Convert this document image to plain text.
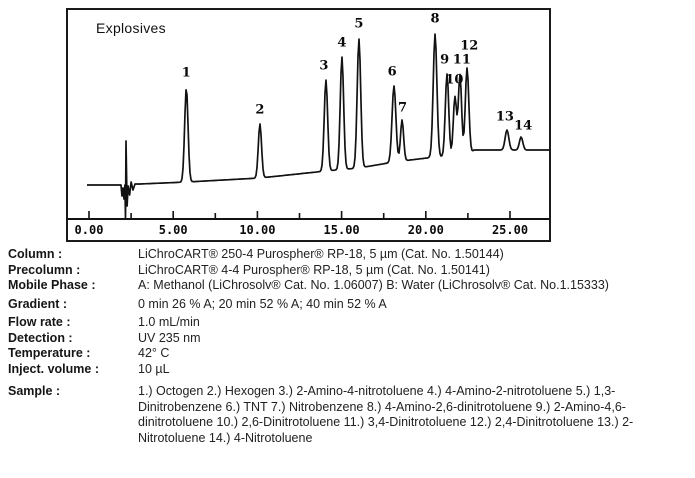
Explosives
1
2
3
4
5
6
7
8
9
10
11
12
13
14
0.00	5.00	10.00	15.00	20.00	25.00
Column :	LiChroCART® 250-4 Purospher® RP-18, 5 µm (Cat. No. 1.50144)
Precolumn :	LiChroCART® 4-4 Purospher® RP-18, 5 µm (Cat. No. 1.50141)
Mobile Phase :	A: Methanol (LiChrosolv® Cat. No. 1.06007) B: Water (LiChrosolv® Cat. No.1.15333)
Gradient :	0 min 26 % A; 20 min 52 % A; 40 min 52 % A
Flow rate :	1.0 mL/min
Detection :	UV 235 nm
Temperature :	42° C
Inject. volume :	10 µL
Sample :	1.) Octogen 2.) Hexogen 3.) 2-Amino-4-nitrotoluene 4.) 4-Amino-2-nitrotoluene 5.) 1,3-Dinitrobenzene 6.) TNT 7.) Nitrobenzene 8.) 4-Amino-2,6-dinitrotoluene 9.) 2-Amino-4,6-dinitrotoluene 10.) 2,6-Dinitrotoluene 11.) 3,4-Dinitrotoluene 12.) 2,4-Dinitrotoluene 13.) 2-Nitrotoluene 14.) 4-Nitrotoluene
